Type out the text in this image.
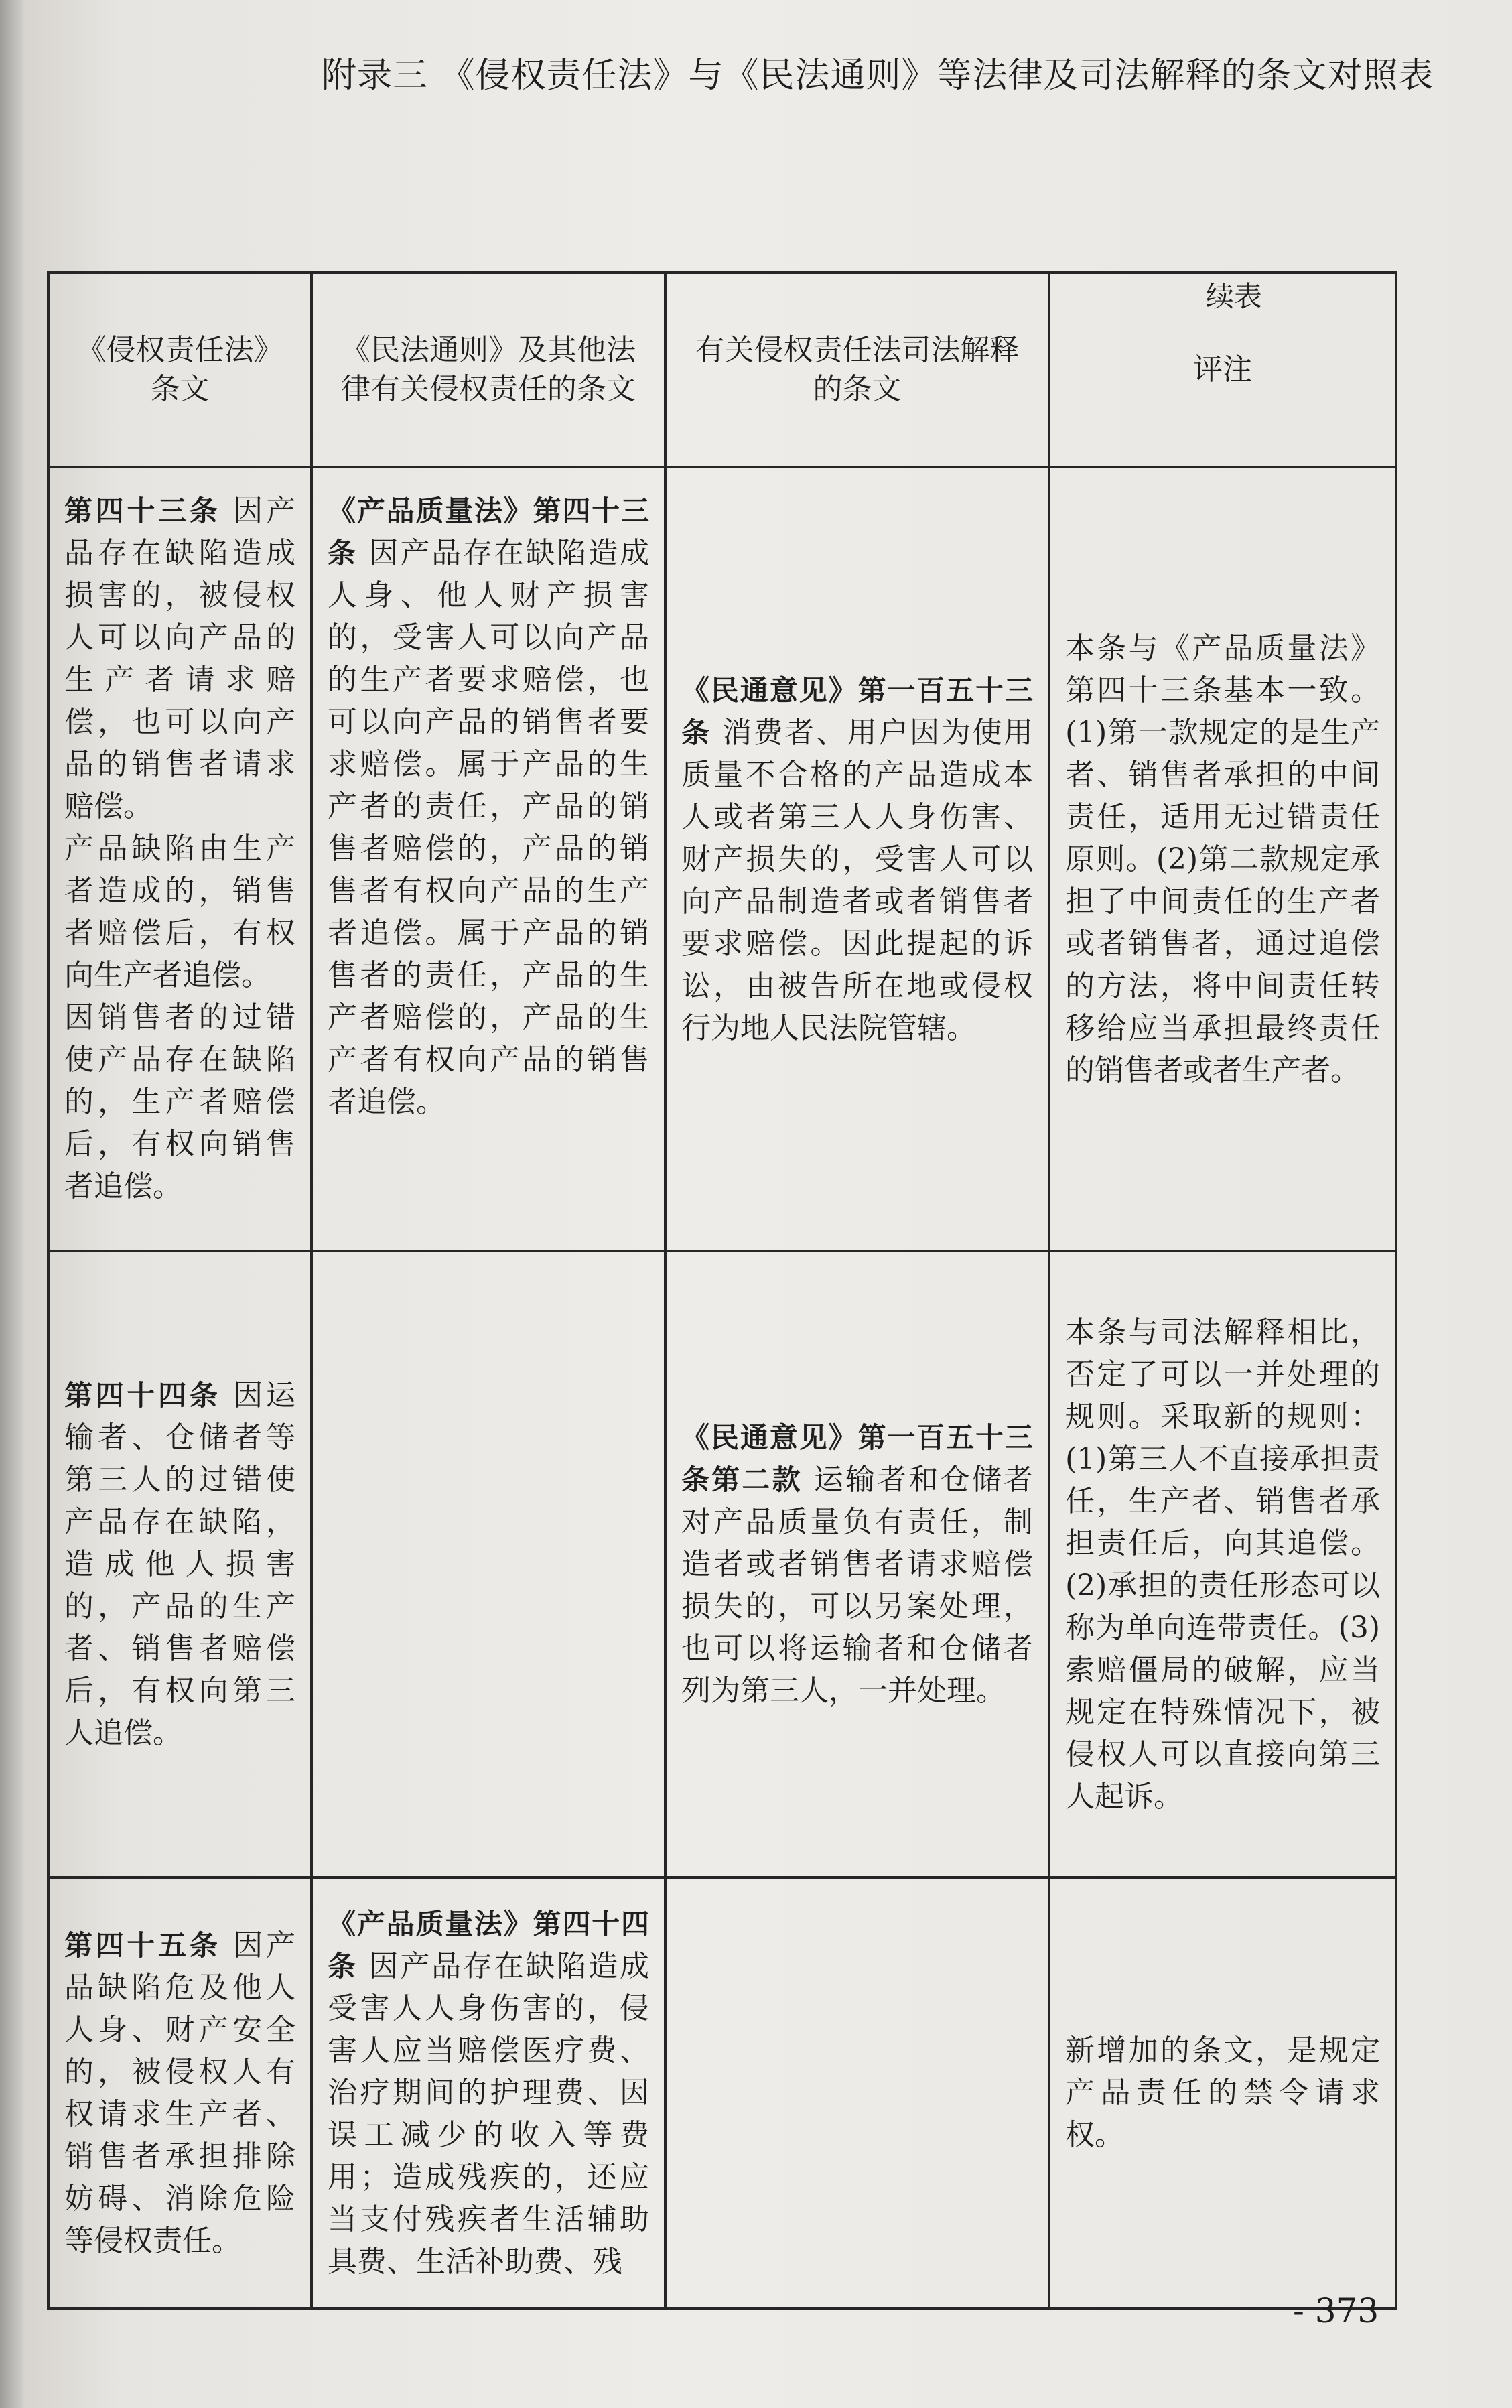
附录三 《侵权责任法》与《民法通则》等法律及司法解释的条文对照表
续表
《侵权责任法》条文	《民法通则》及其他法律有关侵权责任的条文	有关侵权责任法司法解释的条文	评注
第四十三条 因产品存在缺陷造成损害的，被侵权人可以向产品的生产者请求赔偿，也可以向产品的销售者请求赔偿。
产品缺陷由生产者造成的，销售者赔偿后，有权向生产者追偿。
因销售者的过错使产品存在缺陷的，生产者赔偿后，有权向销售者追偿。	《产品质量法》第四十三条 因产品存在缺陷造成人身、他人财产损害的，受害人可以向产品的生产者要求赔偿，也可以向产品的销售者要求赔偿。属于产品的生产者的责任，产品的销售者赔偿的，产品的销售者有权向产品的生产者追偿。属于产品的销售者的责任，产品的生产者赔偿的，产品的生产者有权向产品的销售者追偿。	《民通意见》第一百五十三条 消费者、用户因为使用质量不合格的产品造成本人或者第三人人身伤害、财产损失的，受害人可以向产品制造者或者销售者要求赔偿。因此提起的诉讼，由被告所在地或侵权行为地人民法院管辖。	本条与《产品质量法》第四十三条基本一致。(1)第一款规定的是生产者、销售者承担的中间责任，适用无过错责任原则。(2)第二款规定承担了中间责任的生产者或者销售者，通过追偿的方法，将中间责任转移给应当承担最终责任的销售者或者生产者。
第四十四条 因运输者、仓储者等第三人的过错使产品存在缺陷，造成他人损害的，产品的生产者、销售者赔偿后，有权向第三人追偿。		《民通意见》第一百五十三条第二款 运输者和仓储者对产品质量负有责任，制造者或者销售者请求赔偿损失的，可以另案处理，也可以将运输者和仓储者列为第三人，一并处理。	本条与司法解释相比，否定了可以一并处理的规则。采取新的规则：(1)第三人不直接承担责任，生产者、销售者承担责任后，向其追偿。(2)承担的责任形态可以称为单向连带责任。(3)索赔僵局的破解，应当规定在特殊情况下，被侵权人可以直接向第三人起诉。
第四十五条 因产品缺陷危及他人人身、财产安全的，被侵权人有权请求生产者、销售者承担排除妨碍、消除危险等侵权责任。	《产品质量法》第四十四条 因产品存在缺陷造成受害人人身伤害的，侵害人应当赔偿医疗费、治疗期间的护理费、因误工减少的收入等费用；造成残疾的，还应当支付残疾者生活辅助具费、生活补助费、残		新增加的条文，是规定产品责任的禁令请求权。
- 373
